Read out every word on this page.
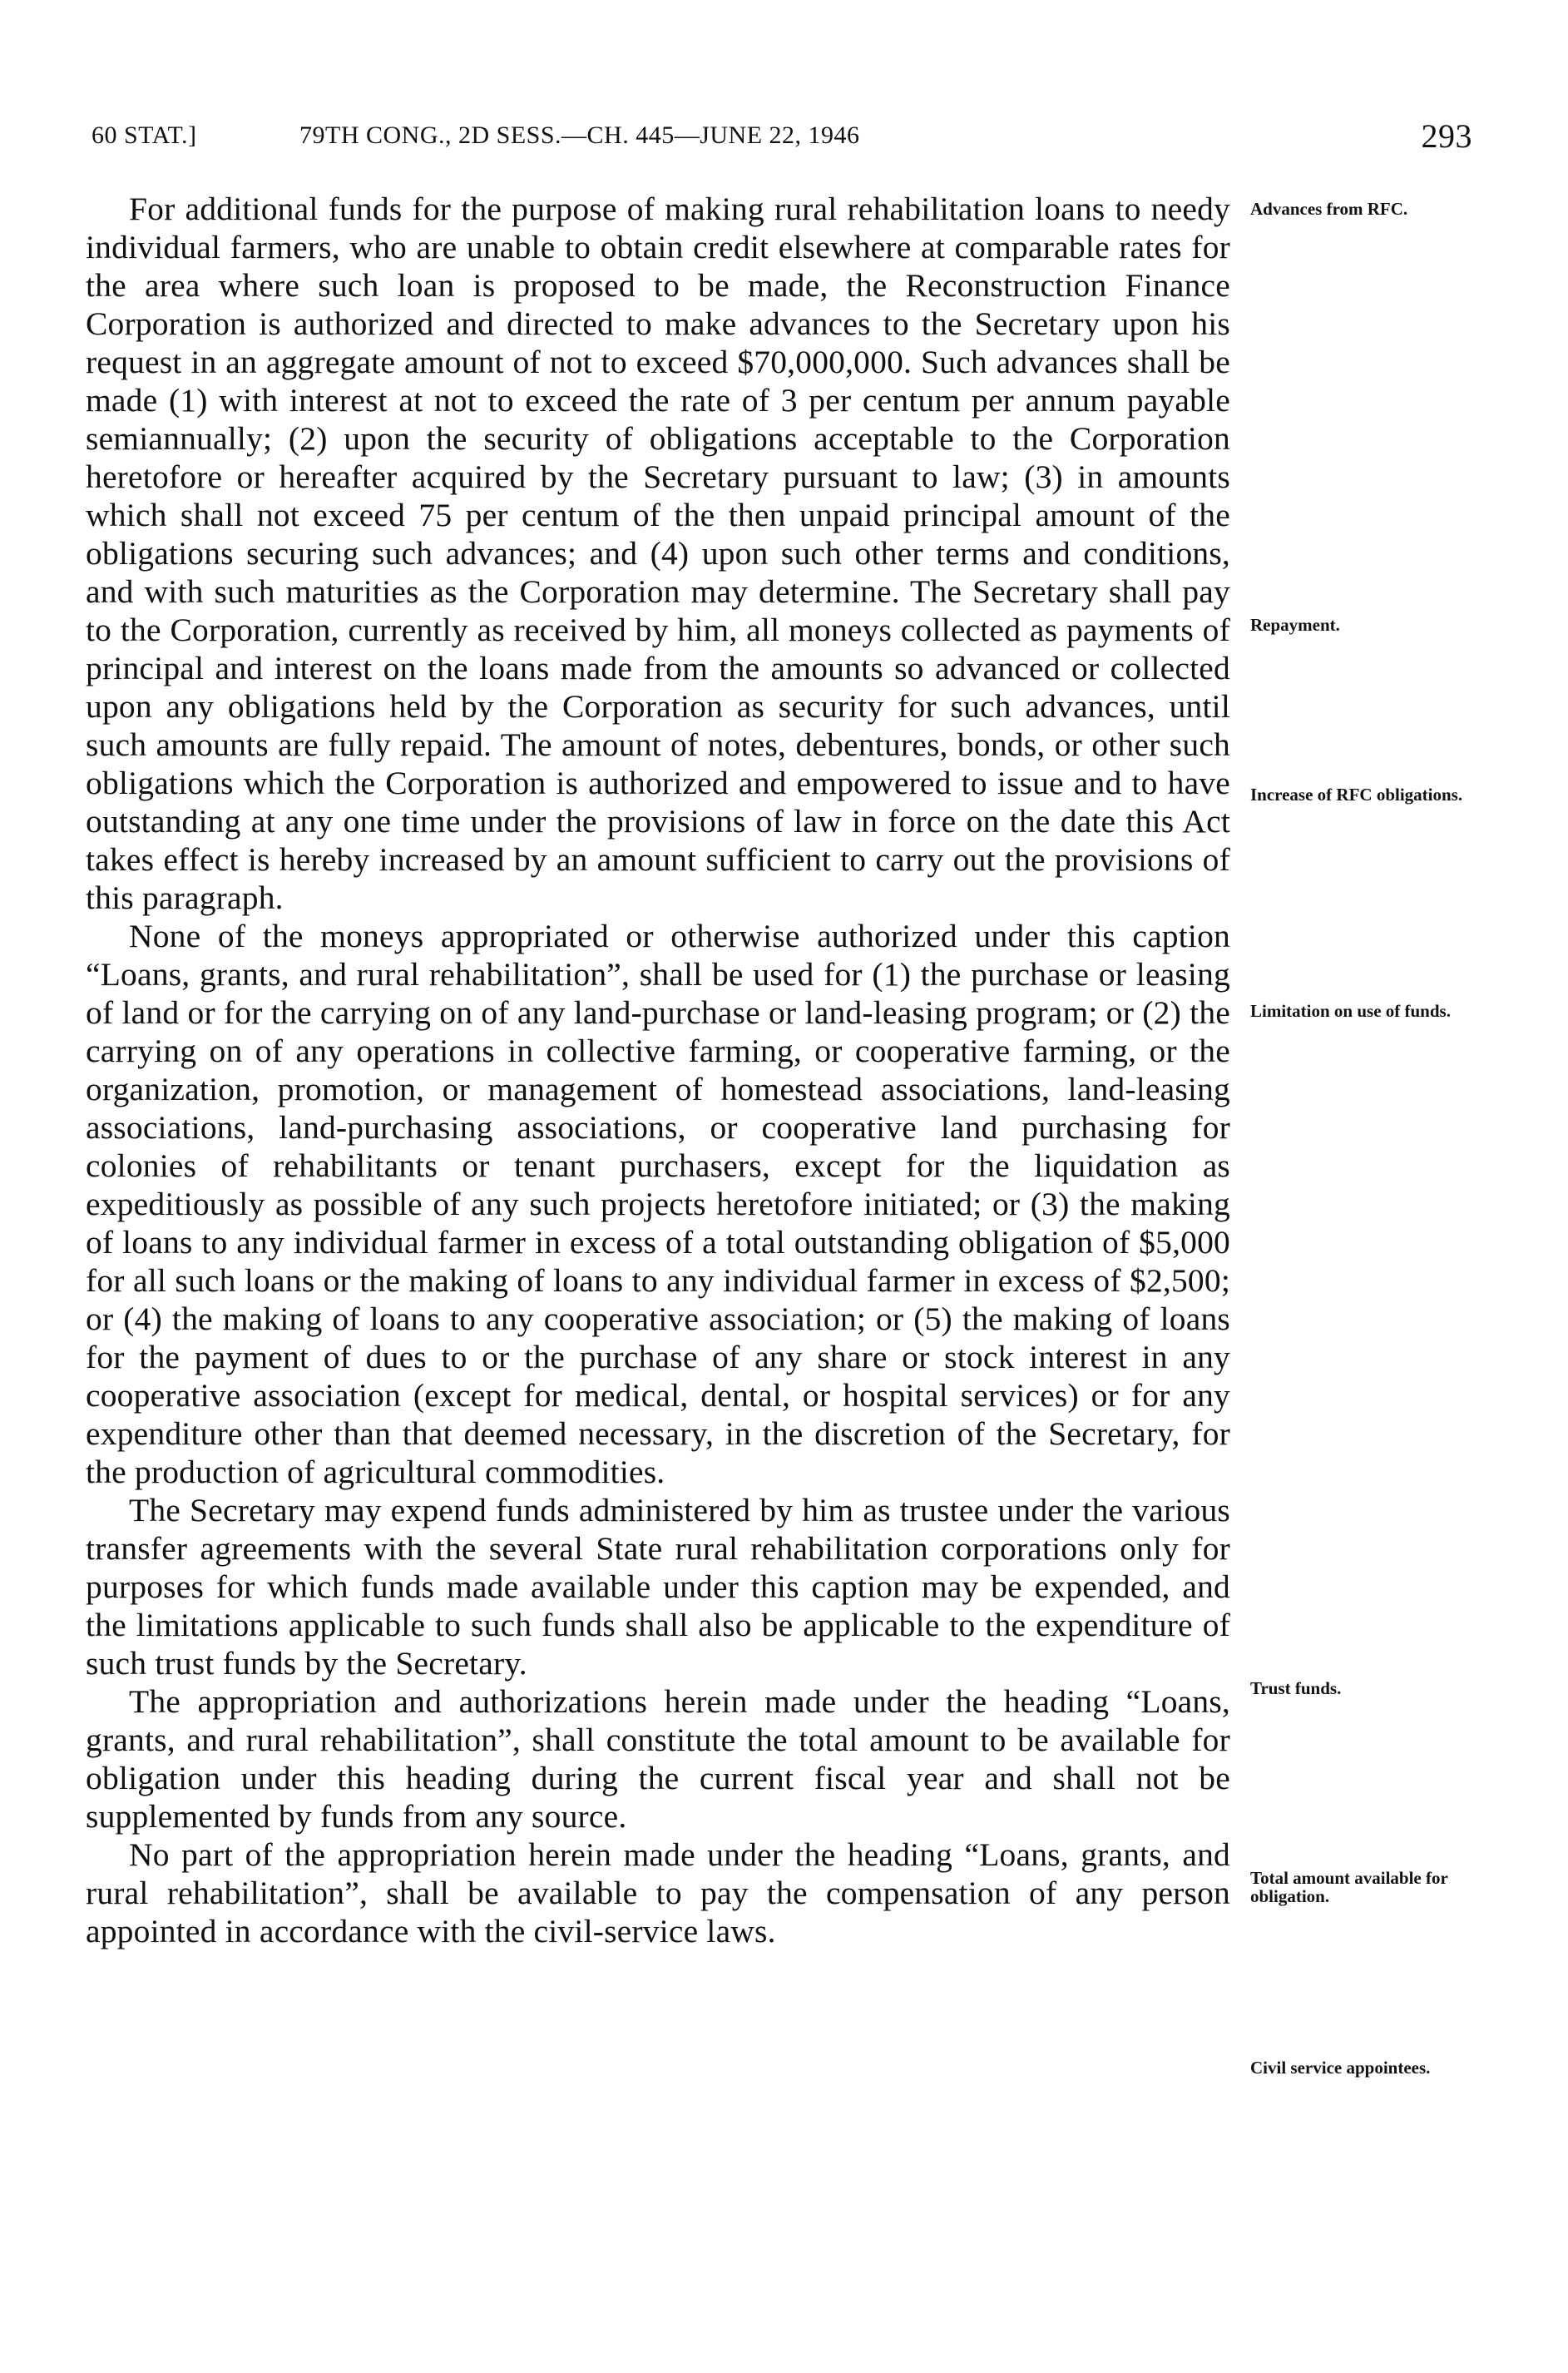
60 STAT.]	79TH CONG., 2D SESS.—CH. 445—JUNE 22, 1946	293

For additional funds for the purpose of making rural rehabilitation loans to needy individual farmers, who are unable to obtain credit elsewhere at comparable rates for the area where such loan is proposed to be made, the Reconstruction Finance Corporation is authorized and directed to make advances to the Secretary upon his request in an aggregate amount of not to exceed $70,000,000. Such advances shall be made (1) with interest at not to exceed the rate of 3 per centum per annum payable semiannually; (2) upon the security of obligations acceptable to the Corporation heretofore or hereafter acquired by the Secretary pursuant to law; (3) in amounts which shall not exceed 75 per centum of the then unpaid principal amount of the obligations securing such advances; and (4) upon such other terms and conditions, and with such maturities as the Corporation may determine. The Secretary shall pay to the Corporation, currently as received by him, all moneys collected as payments of principal and interest on the loans made from the amounts so advanced or collected upon any obligations held by the Corporation as security for such advances, until such amounts are fully repaid. The amount of notes, debentures, bonds, or other such obligations which the Corporation is authorized and empowered to issue and to have outstanding at any one time under the provisions of law in force on the date this Act takes effect is hereby increased by an amount sufficient to carry out the provisions of this paragraph.

None of the moneys appropriated or otherwise authorized under this caption “Loans, grants, and rural rehabilitation”, shall be used for (1) the purchase or leasing of land or for the carrying on of any land-purchase or land-leasing program; or (2) the carrying on of any operations in collective farming, or cooperative farming, or the organization, promotion, or management of homestead associations, land-leasing associations, land-purchasing associations, or cooperative land purchasing for colonies of rehabilitants or tenant purchasers, except for the liquidation as expeditiously as possible of any such projects heretofore initiated; or (3) the making of loans to any individual farmer in excess of a total outstanding obligation of $5,000 for all such loans or the making of loans to any individual farmer in excess of $2,500; or (4) the making of loans to any cooperative association; or (5) the making of loans for the payment of dues to or the purchase of any share or stock interest in any cooperative association (except for medical, dental, or hospital services) or for any expenditure other than that deemed necessary, in the discretion of the Secretary, for the production of agricultural commodities.

The Secretary may expend funds administered by him as trustee under the various transfer agreements with the several State rural rehabilitation corporations only for purposes for which funds made available under this caption may be expended, and the limitations applicable to such funds shall also be applicable to the expenditure of such trust funds by the Secretary.

The appropriation and authorizations herein made under the heading “Loans, grants, and rural rehabilitation”, shall constitute the total amount to be available for obligation under this heading during the current fiscal year and shall not be supplemented by funds from any source.

No part of the appropriation herein made under the heading “Loans, grants, and rural rehabilitation”, shall be available to pay the compensation of any person appointed in accordance with the civil-service laws.

Advances from RFC.
Repayment.
Increase of RFC obligations.
Limitation on use of funds.
Trust funds.
Total amount available for obligation.
Civil service appointees.
